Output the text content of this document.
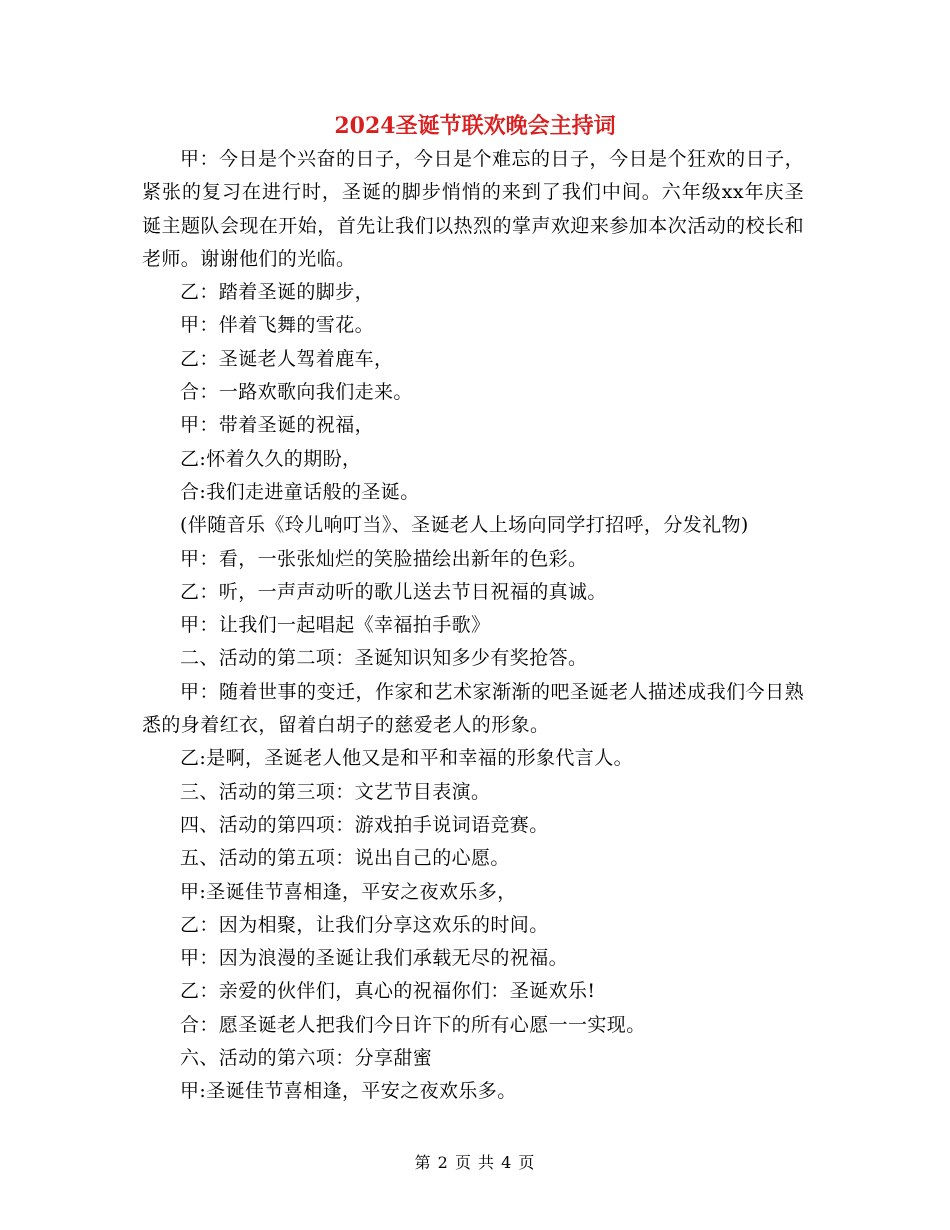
2024圣诞节联欢晚会主持词

甲：今日是个兴奋的日子，今日是个难忘的日子，今日是个狂欢的日子，紧张的复习在进行时，圣诞的脚步悄悄的来到了我们中间。六年级xx年庆圣诞主题队会现在开始，首先让我们以热烈的掌声欢迎来参加本次活动的校长和老师。谢谢他们的光临。

乙：踏着圣诞的脚步，

甲：伴着飞舞的雪花。

乙：圣诞老人驾着鹿车，

合：一路欢歌向我们走来。

甲：带着圣诞的祝福，

乙:怀着久久的期盼，

合:我们走进童话般的圣诞。

(伴随音乐《玲儿响叮当》、圣诞老人上场向同学打招呼，分发礼物)

甲：看，一张张灿烂的笑脸描绘出新年的色彩。

乙：听，一声声动听的歌儿送去节日祝福的真诚。

甲：让我们一起唱起《幸福拍手歌》

二、活动的第二项：圣诞知识知多少有奖抢答。

甲：随着世事的变迁，作家和艺术家渐渐的吧圣诞老人描述成我们今日熟悉的身着红衣，留着白胡子的慈爱老人的形象。

乙:是啊，圣诞老人他又是和平和幸福的形象代言人。

三、活动的第三项：文艺节目表演。

四、活动的第四项：游戏拍手说词语竞赛。

五、活动的第五项：说出自己的心愿。

甲:圣诞佳节喜相逢，平安之夜欢乐多，

乙：因为相聚，让我们分享这欢乐的时间。

甲：因为浪漫的圣诞让我们承载无尽的祝福。

乙：亲爱的伙伴们，真心的祝福你们：圣诞欢乐!

合：愿圣诞老人把我们今日许下的所有心愿一一实现。

六、活动的第六项：分享甜蜜

甲:圣诞佳节喜相逢，平安之夜欢乐多。

第 2 页 共 4 页
